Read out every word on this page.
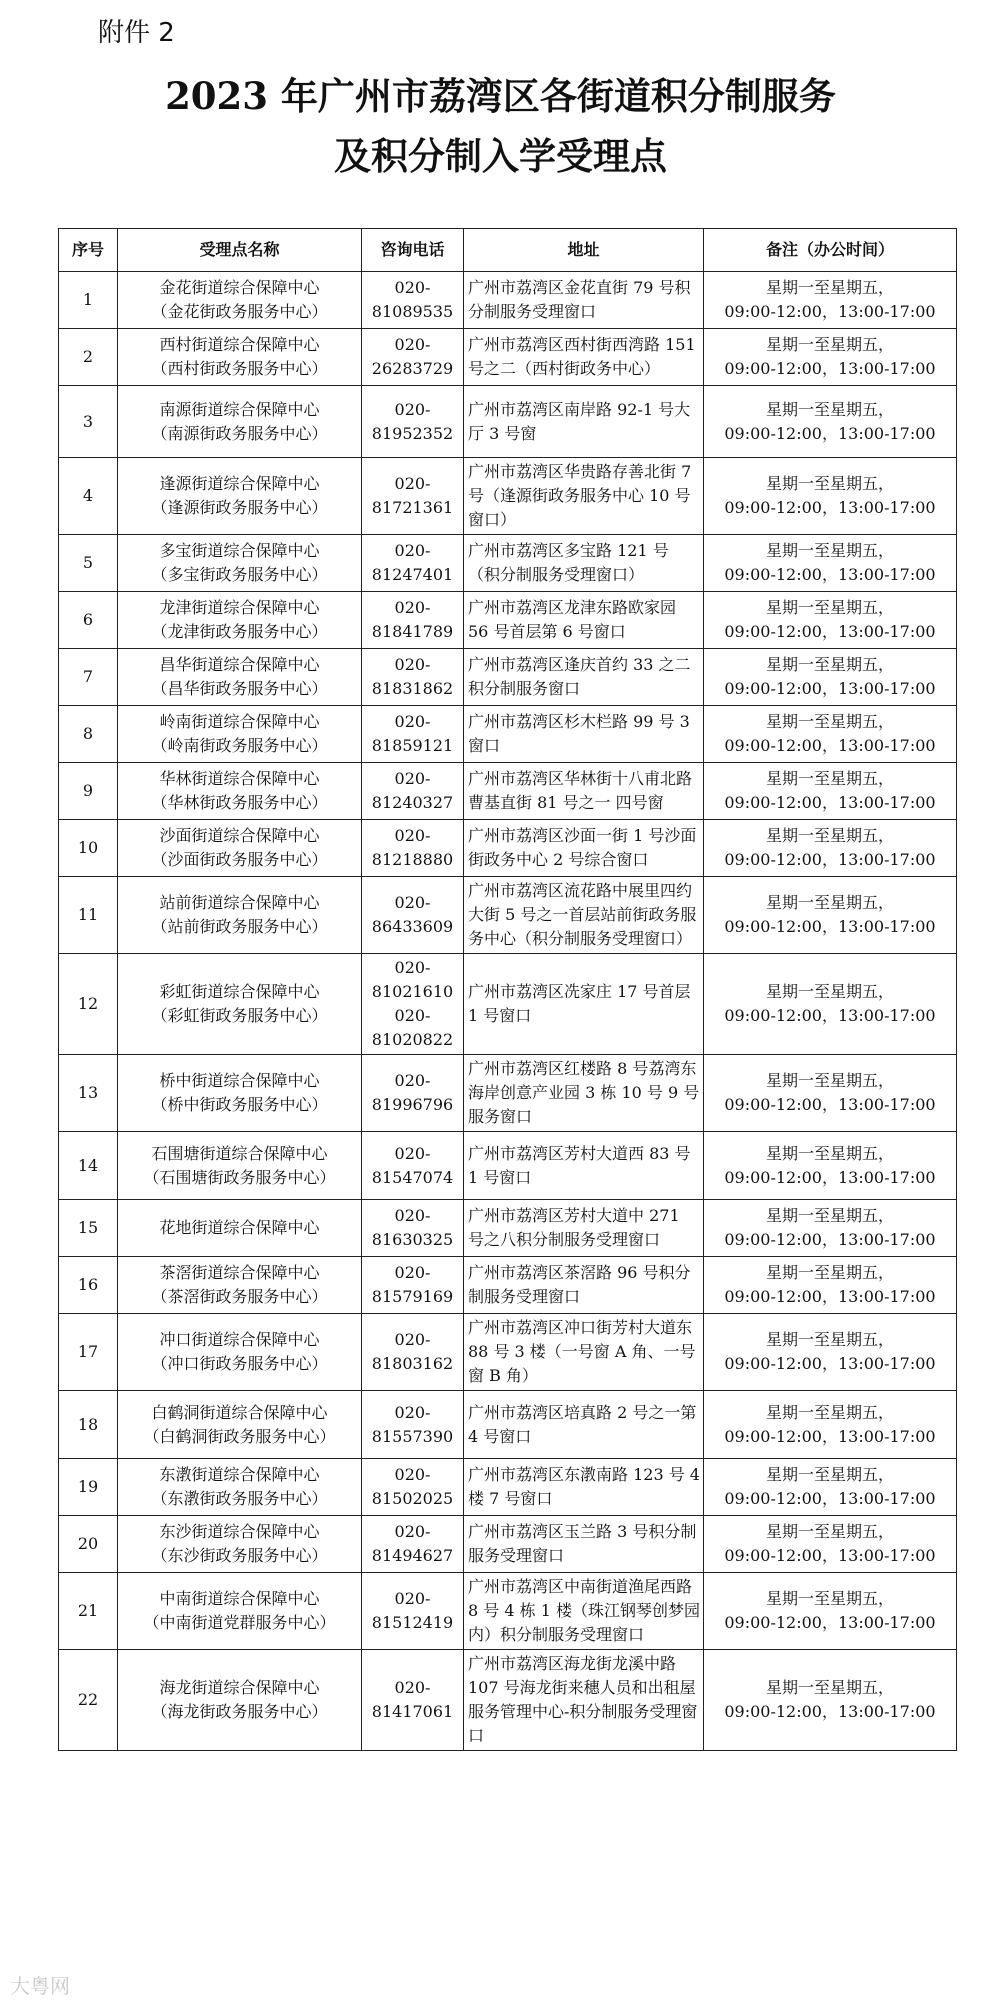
附件 2
2023 年广州市荔湾区各街道积分制服务
及积分制入学受理点
序号	受理点名称	咨询电话	地址	备注（办公时间）
1	金花街道综合保障中心
（金花街政务服务中心）	020-81089535	广州市荔湾区金花直街 79 号积分制服务受理窗口	星期一至星期五，
09:00-12:00，13:00-17:00

2	西村街道综合保障中心
（西村街政务服务中心）	020-26283729	广州市荔湾区西村街西湾路 151 号之二（西村街政务中心）	星期一至星期五，
09:00-12:00，13:00-17:00

3	南源街道综合保障中心
（南源街政务服务中心）	020-81952352	广州市荔湾区南岸路 92-1 号大厅 3 号窗	星期一至星期五，
09:00-12:00，13:00-17:00

4	逢源街道综合保障中心
（逢源街政务服务中心）	020-81721361	广州市荔湾区华贵路存善北街 7 号（逢源街政务服务中心 10 号窗口）	星期一至星期五，
09:00-12:00，13:00-17:00

5	多宝街道综合保障中心
（多宝街政务服务中心）	020-81247401	广州市荔湾区多宝路 121 号（积分制服务受理窗口）	星期一至星期五，
09:00-12:00，13:00-17:00

6	龙津街道综合保障中心
（龙津街政务服务中心）	020-81841789	广州市荔湾区龙津东路欧家园 56 号首层第 6 号窗口	星期一至星期五，
09:00-12:00，13:00-17:00

7	昌华街道综合保障中心
（昌华街政务服务中心）	020-81831862	广州市荔湾区逢庆首约 33 之二积分制服务窗口	星期一至星期五，
09:00-12:00，13:00-17:00

8	岭南街道综合保障中心
（岭南街政务服务中心）	020-81859121	广州市荔湾区杉木栏路 99 号 3 窗口	星期一至星期五，
09:00-12:00，13:00-17:00

9	华林街道综合保障中心
（华林街政务服务中心）	020-81240327	广州市荔湾区华林街十八甫北路曹基直街 81 号之一 四号窗	星期一至星期五，
09:00-12:00，13:00-17:00

10	沙面街道综合保障中心
（沙面街政务服务中心）	020-81218880	广州市荔湾区沙面一街 1 号沙面街政务中心 2 号综合窗口	星期一至星期五，
09:00-12:00，13:00-17:00

11	站前街道综合保障中心
（站前街政务服务中心）	020-86433609	广州市荔湾区流花路中展里四约大街 5 号之一首层站前街政务服务中心（积分制服务受理窗口）	星期一至星期五，
09:00-12:00，13:00-17:00

12	彩虹街道综合保障中心
（彩虹街政务服务中心）	020-81021610
020-81020822	广州市荔湾区冼家庄 17 号首层 1 号窗口	星期一至星期五，
09:00-12:00，13:00-17:00

13	桥中街道综合保障中心
（桥中街政务服务中心）	020-81996796	广州市荔湾区红楼路 8 号荔湾东海岸创意产业园 3 栋 10 号 9 号服务窗口	星期一至星期五，
09:00-12:00，13:00-17:00

14	石围塘街道综合保障中心
（石围塘街政务服务中心）	020-81547074	广州市荔湾区芳村大道西 83 号 1 号窗口	星期一至星期五，
09:00-12:00，13:00-17:00

15	花地街道综合保障中心	020-81630325	广州市荔湾区芳村大道中 271 号之八积分制服务受理窗口	星期一至星期五，
09:00-12:00，13:00-17:00

16	茶滘街道综合保障中心
（茶滘街政务服务中心）	020-81579169	广州市荔湾区茶滘路 96 号积分制服务受理窗口	星期一至星期五，
09:00-12:00，13:00-17:00

17	冲口街道综合保障中心
（冲口街政务服务中心）	020-81803162	广州市荔湾区冲口街芳村大道东 88 号 3 楼（一号窗 A 角、一号窗 B 角）	星期一至星期五，
09:00-12:00，13:00-17:00

18	白鹤洞街道综合保障中心
（白鹤洞街政务服务中心）	020-81557390	广州市荔湾区培真路 2 号之一第 4 号窗口	星期一至星期五，
09:00-12:00，13:00-17:00

19	东漖街道综合保障中心
（东漖街政务服务中心）	020-81502025	广州市荔湾区东漖南路 123 号 4 楼 7 号窗口	星期一至星期五，
09:00-12:00，13:00-17:00

20	东沙街道综合保障中心
（东沙街政务服务中心）	020-81494627	广州市荔湾区玉兰路 3 号积分制服务受理窗口	星期一至星期五，
09:00-12:00，13:00-17:00

21	中南街道综合保障中心
（中南街道党群服务中心）	020-81512419	广州市荔湾区中南街道渔尾西路 8 号 4 栋 1 楼（珠江钢琴创梦园内）积分制服务受理窗口	星期一至星期五，
09:00-12:00，13:00-17:00

22	海龙街道综合保障中心
（海龙街政务服务中心）	020-81417061	广州市荔湾区海龙街龙溪中路 107 号海龙街来穗人员和出租屋服务管理中心-积分制服务受理窗口	星期一至星期五，
09:00-12:00，13:00-17:00
大粤网
